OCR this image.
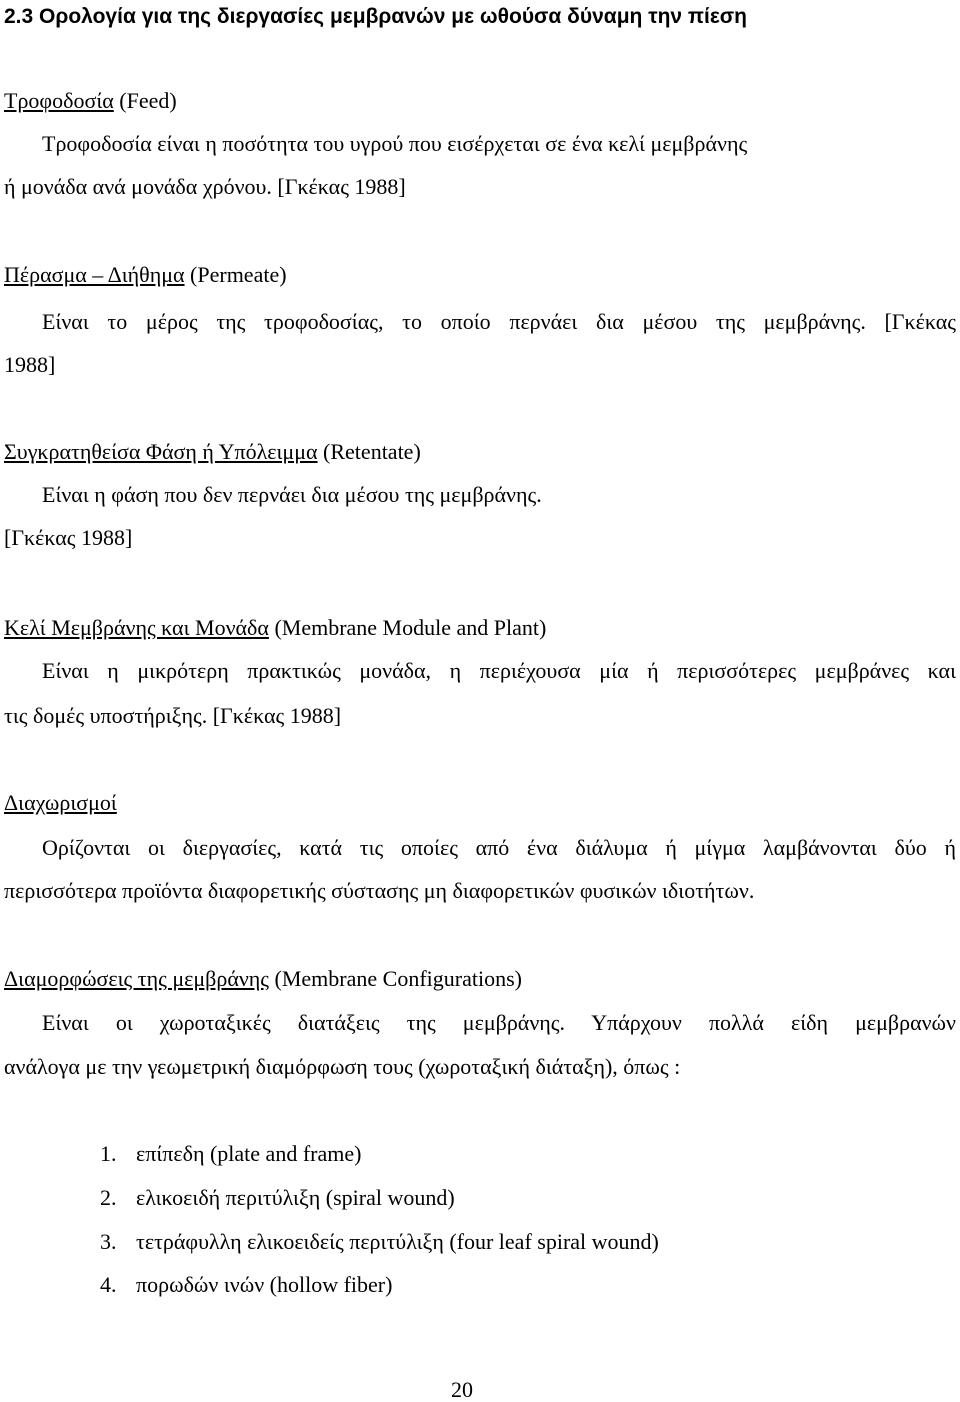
2.3 Ορολογία για της διεργασίες μεμβρανών με ωθούσα δύναμη την πίεση
Τροφοδοσία (Feed)
Τροφοδοσία είναι η ποσότητα του υγρού που εισέρχεται σε ένα κελί μεμβράνης
ή μονάδα ανά μονάδα χρόνου. [Γκέκας 1988]
Πέρασμα – Διήθημα (Permeate)
Είναι το μέρος της τροφοδοσίας, το οποίο περνάει δια μέσου της μεμβράνης. [Γκέκας
1988]
Συγκρατηθείσα Φάση ή Υπόλειμμα (Retentate)
Είναι η φάση που δεν περνάει δια μέσου της μεμβράνης.
[Γκέκας 1988]
Κελί Μεμβράνης και Μονάδα (Membrane Module and Plant)
Είναι η μικρότερη πρακτικώς μονάδα, η περιέχουσα μία ή περισσότερες μεμβράνες και
τις δομές υποστήριξης. [Γκέκας 1988]
Διαχωρισμοί
Ορίζονται οι διεργασίες, κατά τις οποίες από ένα διάλυμα ή μίγμα λαμβάνονται δύο ή
περισσότερα προϊόντα διαφορετικής σύστασης μη διαφορετικών φυσικών ιδιοτήτων.
Διαμορφώσεις της μεμβράνης (Membrane Configurations)
Είναι οι χωροταξικές διατάξεις της μεμβράνης. Υπάρχουν πολλά είδη μεμβρανών
ανάλογα με την γεωμετρική διαμόρφωση τους (χωροταξική διάταξη), όπως :
1. επίπεδη (plate and frame)
2. ελικοειδή περιτύλιξη (spiral wound)
3. τετράφυλλη ελικοειδείς περιτύλιξη (four leaf spiral wound)
4. πορωδών ινών (hollow fiber)
20
